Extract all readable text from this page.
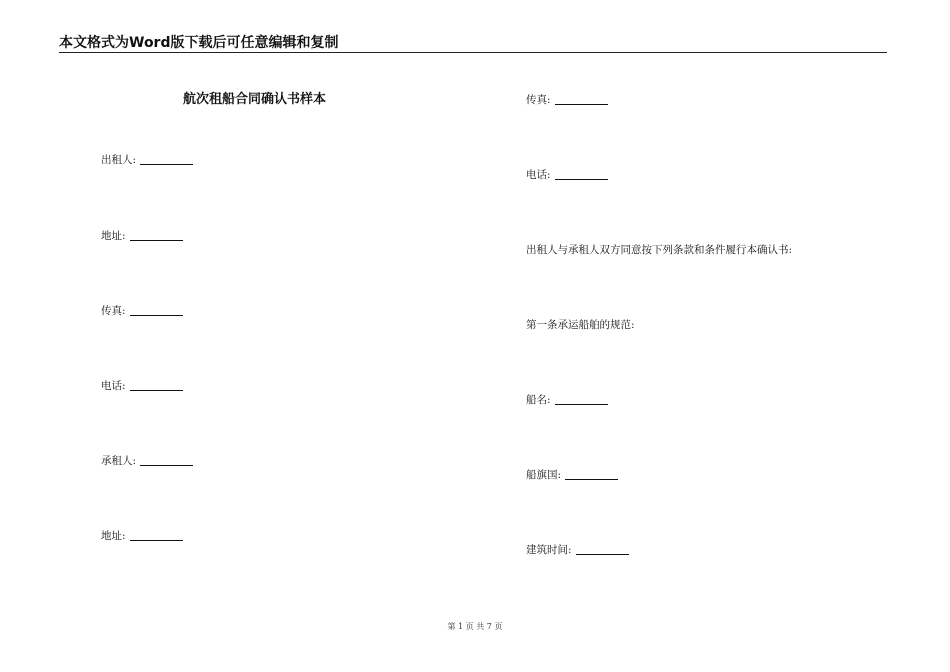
本文格式为Word版下载后可任意编辑和复制
航次租船合同确认书样本
出租人:
地址:
传真:
电话:
承租人:
地址:
传真:
电话:
出租人与承租人双方同意按下列条款和条件履行本确认书:
第一条承运船舶的规范:
船名:
船旗国:
建筑时间:
第 1 页 共 7 页
